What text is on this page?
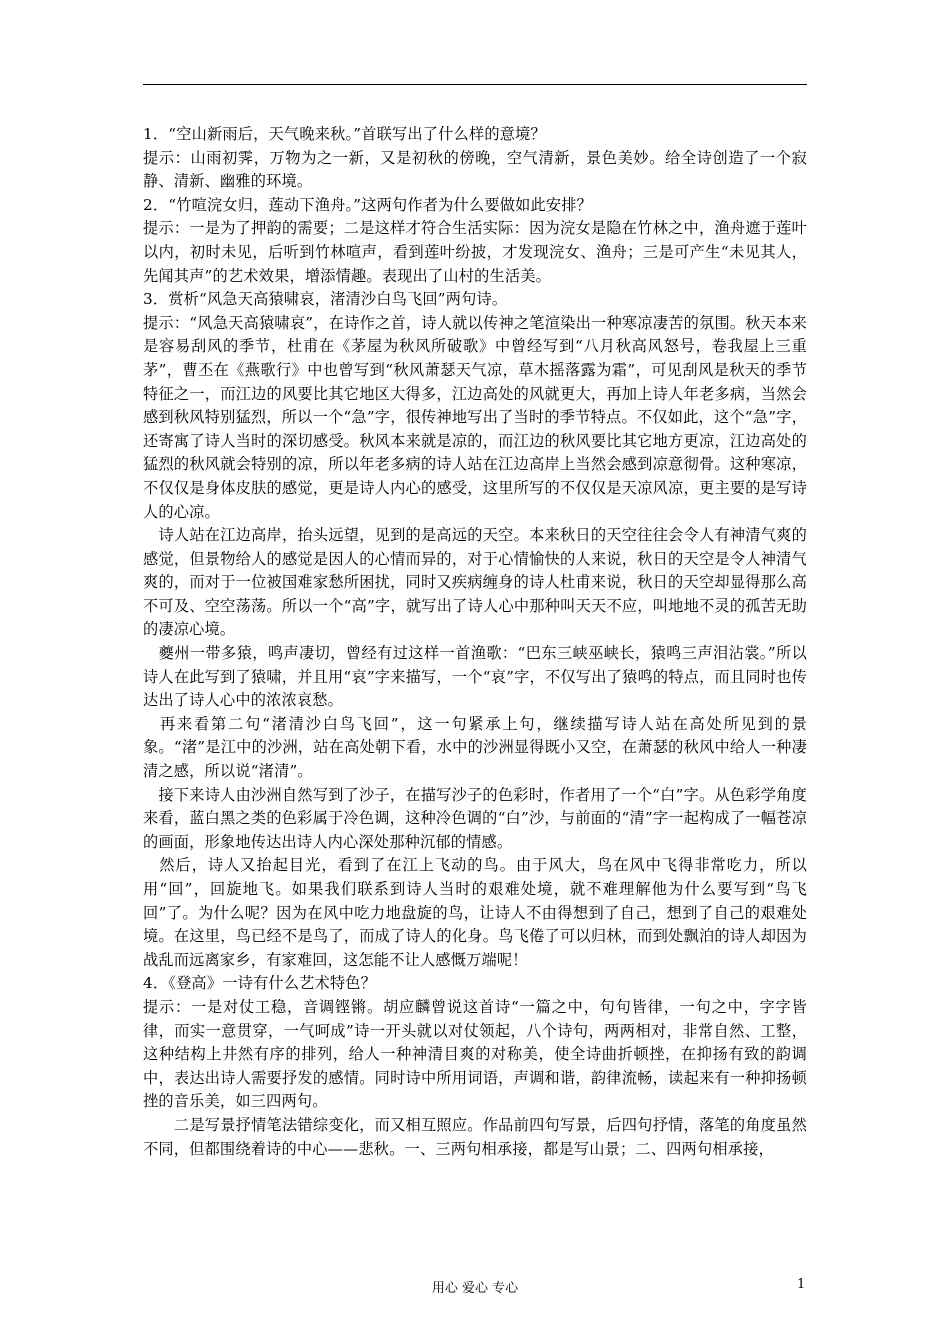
1．“空山新雨后，天气晚来秋。”首联写出了什么样的意境？

提示：山雨初霁，万物为之一新，又是初秋的傍晚，空气清新，景色美妙。给全诗创造了一个寂静、清新、幽雅的环境。

2．“竹喧浣女归，莲动下渔舟。”这两句作者为什么要做如此安排？

提示：一是为了押韵的需要；二是这样才符合生活实际：因为浣女是隐在竹林之中，渔舟遮于莲叶以内，初时未见，后听到竹林喧声，看到莲叶纷披，才发现浣女、渔舟；三是可产生“未见其人，先闻其声”的艺术效果，增添情趣。表现出了山村的生活美。

3．赏析“风急天高猿啸哀，渚清沙白鸟飞回”两句诗。

提示：“风急天高猿啸哀”，在诗作之首，诗人就以传神之笔渲染出一种寒凉凄苦的氛围。秋天本来是容易刮风的季节，杜甫在《茅屋为秋风所破歌》中曾经写到“八月秋高风怒号，卷我屋上三重茅”，曹丕在《燕歌行》中也曾写到“秋风萧瑟天气凉，草木摇落露为霜”，可见刮风是秋天的季节特征之一，而江边的风要比其它地区大得多，江边高处的风就更大，再加上诗人年老多病，当然会感到秋风特别猛烈，所以一个“急”字，很传神地写出了当时的季节特点。不仅如此，这个“急”字，还寄寓了诗人当时的深切感受。秋风本来就是凉的，而江边的秋风要比其它地方更凉，江边高处的猛烈的秋风就会特别的凉，所以年老多病的诗人站在江边高岸上当然会感到凉意彻骨。这种寒凉，不仅仅是身体皮肤的感觉，更是诗人内心的感受，这里所写的不仅仅是天凉风凉，更主要的是写诗人的心凉。

　诗人站在江边高岸，抬头远望，见到的是高远的天空。本来秋日的天空往往会令人有神清气爽的感觉，但景物给人的感觉是因人的心情而异的，对于心情愉快的人来说，秋日的天空是令人神清气爽的，而对于一位被国难家愁所困扰，同时又疾病缠身的诗人杜甫来说，秋日的天空却显得那么高不可及、空空荡荡。所以一个“高”字，就写出了诗人心中那种叫天天不应，叫地地不灵的孤苦无助的凄凉心境。

　夔州一带多猿，鸣声凄切，曾经有过这样一首渔歌：“巴东三峡巫峡长，猿鸣三声泪沾裳。”所以诗人在此写到了猿啸，并且用“哀”字来描写，一个“哀”字，不仅写出了猿鸣的特点，而且同时也传达出了诗人心中的浓浓哀愁。

　再来看第二句“渚清沙白鸟飞回”，这一句紧承上句，继续描写诗人站在高处所见到的景象。“渚”是江中的沙洲，站在高处朝下看，水中的沙洲显得既小又空，在萧瑟的秋风中给人一种凄清之感，所以说“渚清”。

　接下来诗人由沙洲自然写到了沙子，在描写沙子的色彩时，作者用了一个“白”字。从色彩学角度来看，蓝白黑之类的色彩属于冷色调，这种冷色调的“白”沙，与前面的“清”字一起构成了一幅苍凉的画面，形象地传达出诗人内心深处那种沉郁的情感。

　然后，诗人又抬起目光，看到了在江上飞动的鸟。由于风大，鸟在风中飞得非常吃力，所以用“回”，回旋地飞。如果我们联系到诗人当时的艰难处境，就不难理解他为什么要写到“鸟飞回”了。为什么呢？因为在风中吃力地盘旋的鸟，让诗人不由得想到了自己，想到了自己的艰难处境。在这里，鸟已经不是鸟了，而成了诗人的化身。鸟飞倦了可以归林，而到处飘泊的诗人却因为战乱而远离家乡，有家难回，这怎能不让人感慨万端呢！

4．《登高》一诗有什么艺术特色？

提示：一是对仗工稳，音调铿锵。胡应麟曾说这首诗“一篇之中，句句皆律，一句之中，字字皆律，而实一意贯穿，一气呵成”诗一开头就以对仗领起，八个诗句，两两相对，非常自然、工整，这种结构上井然有序的排列，给人一种神清目爽的对称美，使全诗曲折顿挫，在抑扬有致的韵调中，表达出诗人需要抒发的感情。同时诗中所用词语，声调和谐，韵律流畅，读起来有一种抑扬顿挫的音乐美，如三四两句。

　　二是写景抒情笔法错综变化，而又相互照应。作品前四句写景，后四句抒情，落笔的角度虽然不同，但都围绕着诗的中心——悲秋。一、三两句相承接，都是写山景；二、四两句相承接，

用心 爱心 专心	1
